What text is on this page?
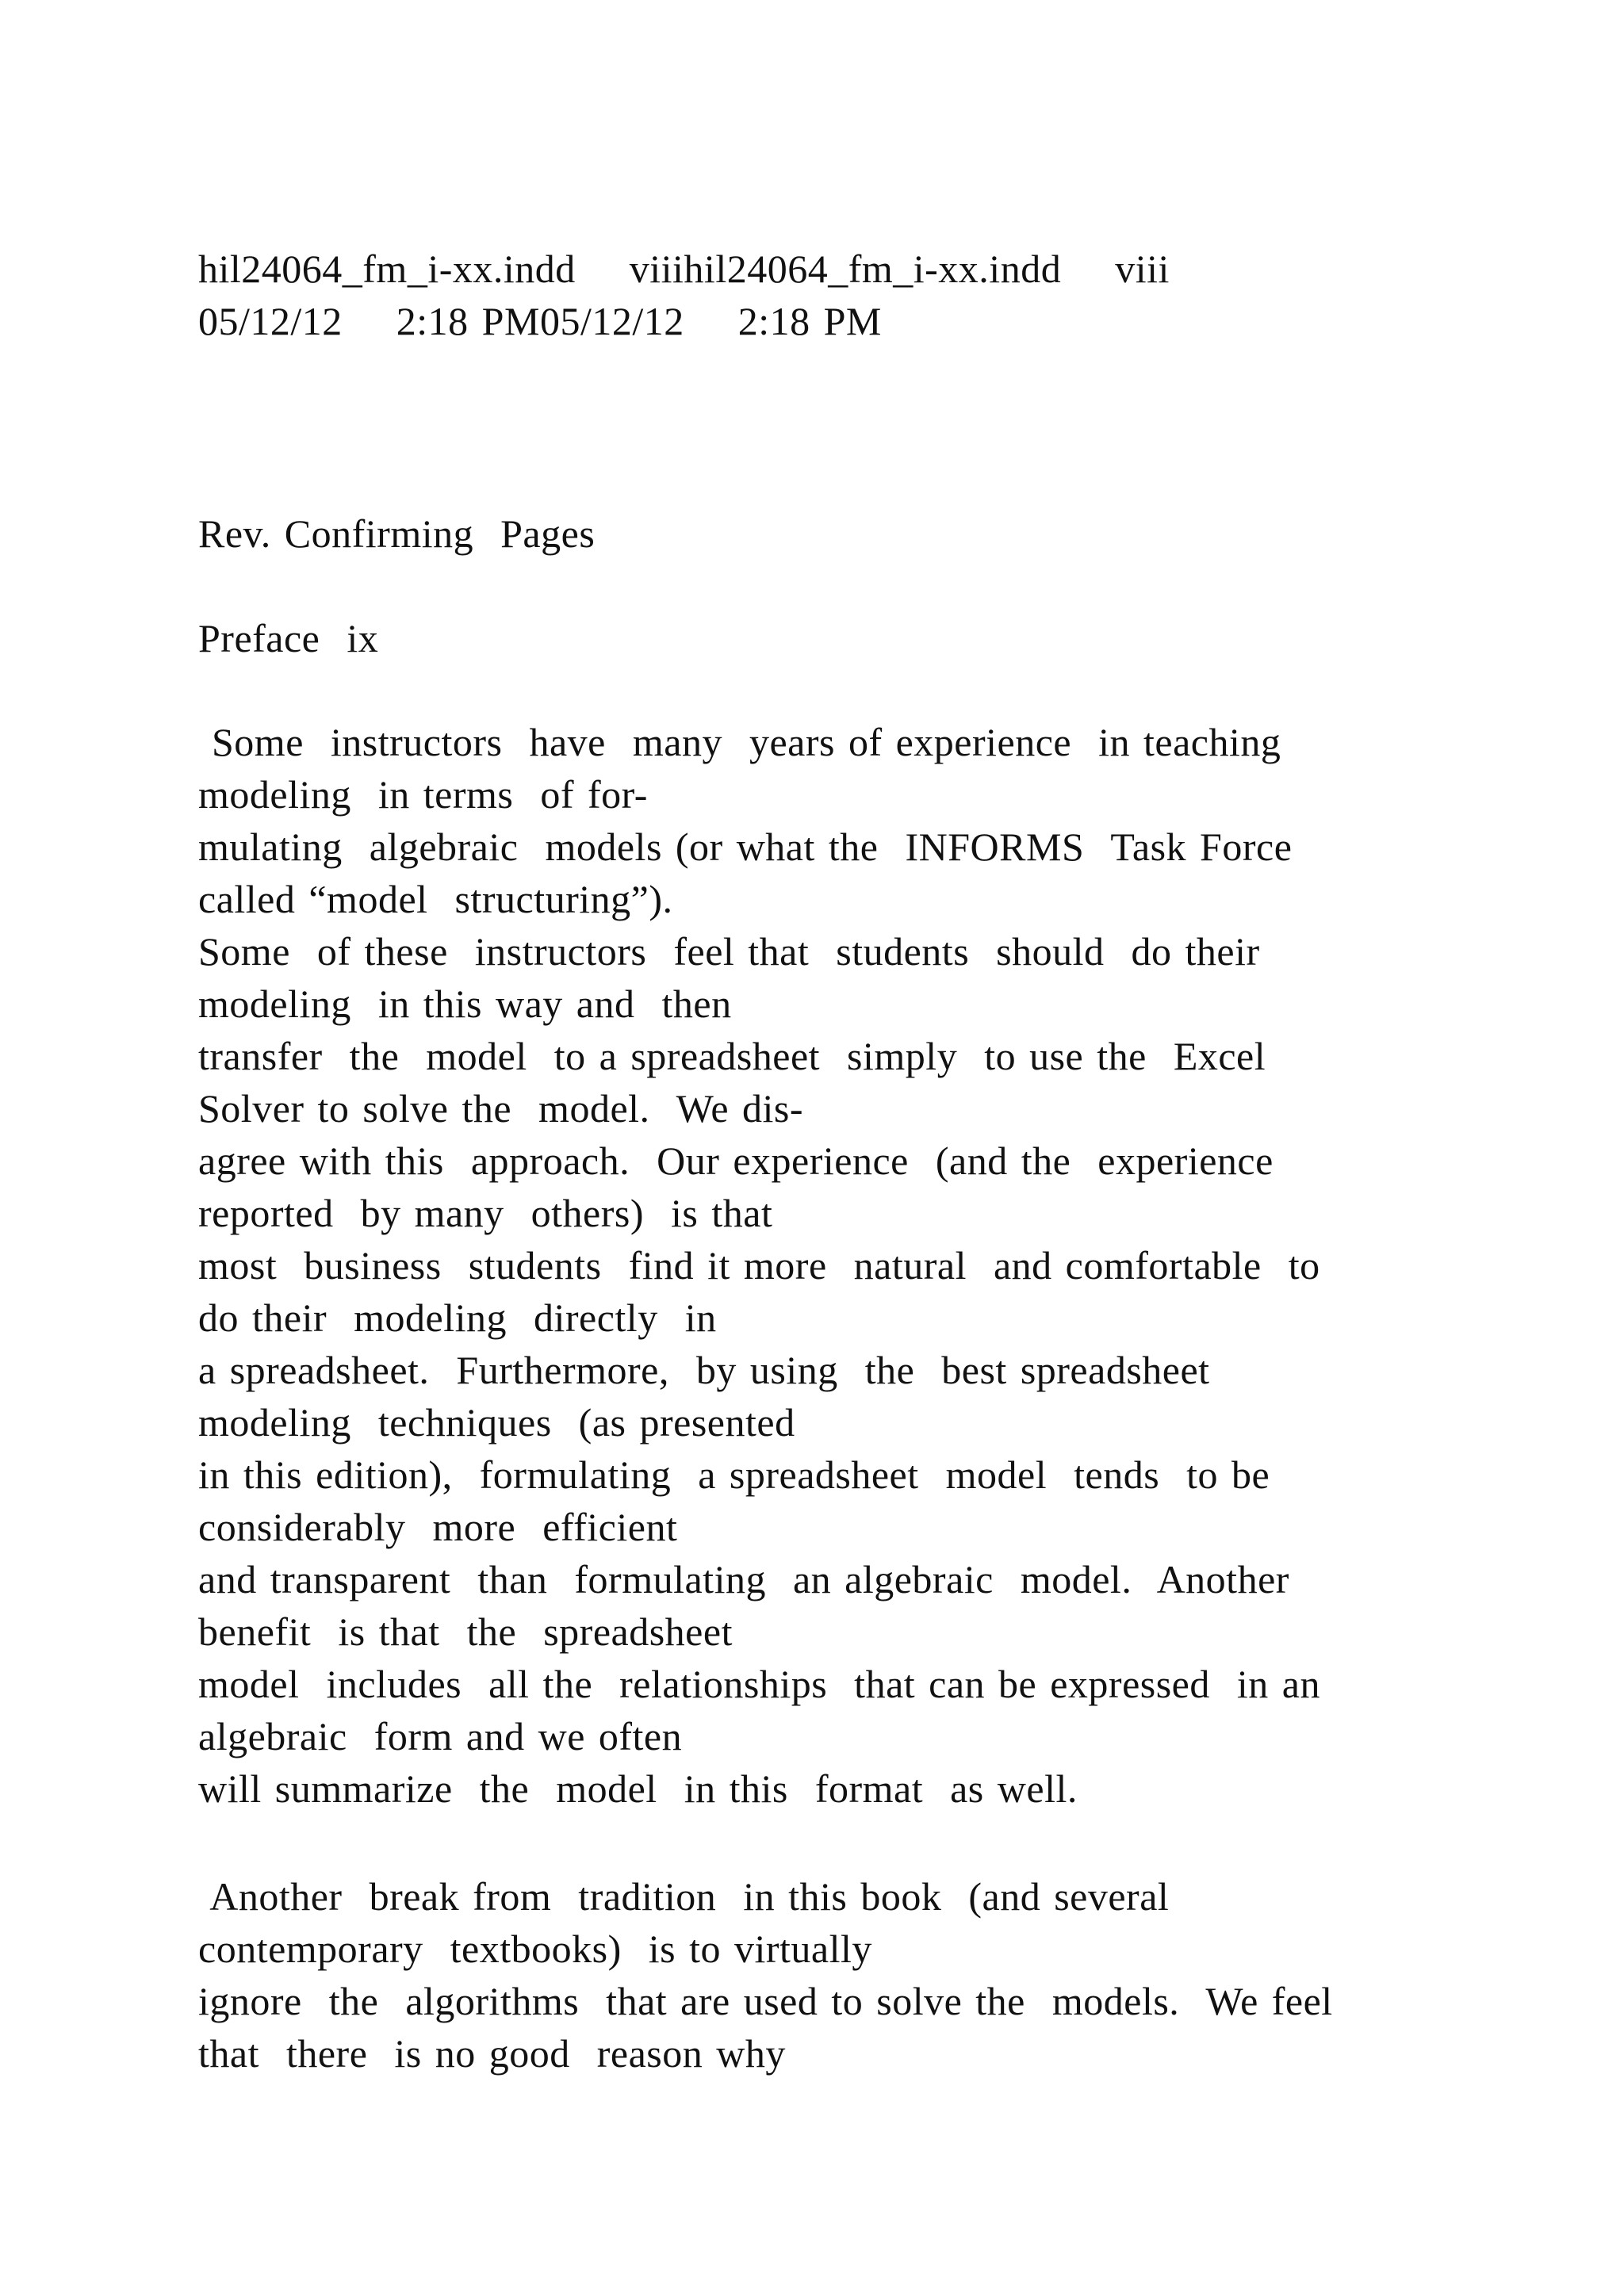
hil24064_fm_i-xx.indd    viiihil24064_fm_i-xx.indd    viii
05/12/12    2:18 PM05/12/12    2:18 PM
Rev. Confirming  Pages
Preface  ix
Some  instructors  have  many  years of experience  in teaching
modeling  in terms  of for-
mulating  algebraic  models (or what the  INFORMS  Task Force
called “model  structuring”).
Some  of these  instructors  feel that  students  should  do their
modeling  in this way and  then
transfer  the  model  to a spreadsheet  simply  to use the  Excel
Solver to solve the  model.  We dis-
agree with this  approach.  Our experience  (and the  experience
reported  by many  others)  is that
most  business  students  find it more  natural  and comfortable  to
do their  modeling  directly  in
a spreadsheet.  Furthermore,  by using  the  best spreadsheet
modeling  techniques  (as presented
in this edition),  formulating  a spreadsheet  model  tends  to be
considerably  more  efficient
and transparent  than  formulating  an algebraic  model.  Another
benefit  is that  the  spreadsheet
model  includes  all the  relationships  that can be expressed  in an
algebraic  form and we often
will summarize  the  model  in this  format  as well.
Another  break from  tradition  in this book  (and several
contemporary  textbooks)  is to virtually
ignore  the  algorithms  that are used to solve the  models.  We feel
that  there  is no good  reason why
